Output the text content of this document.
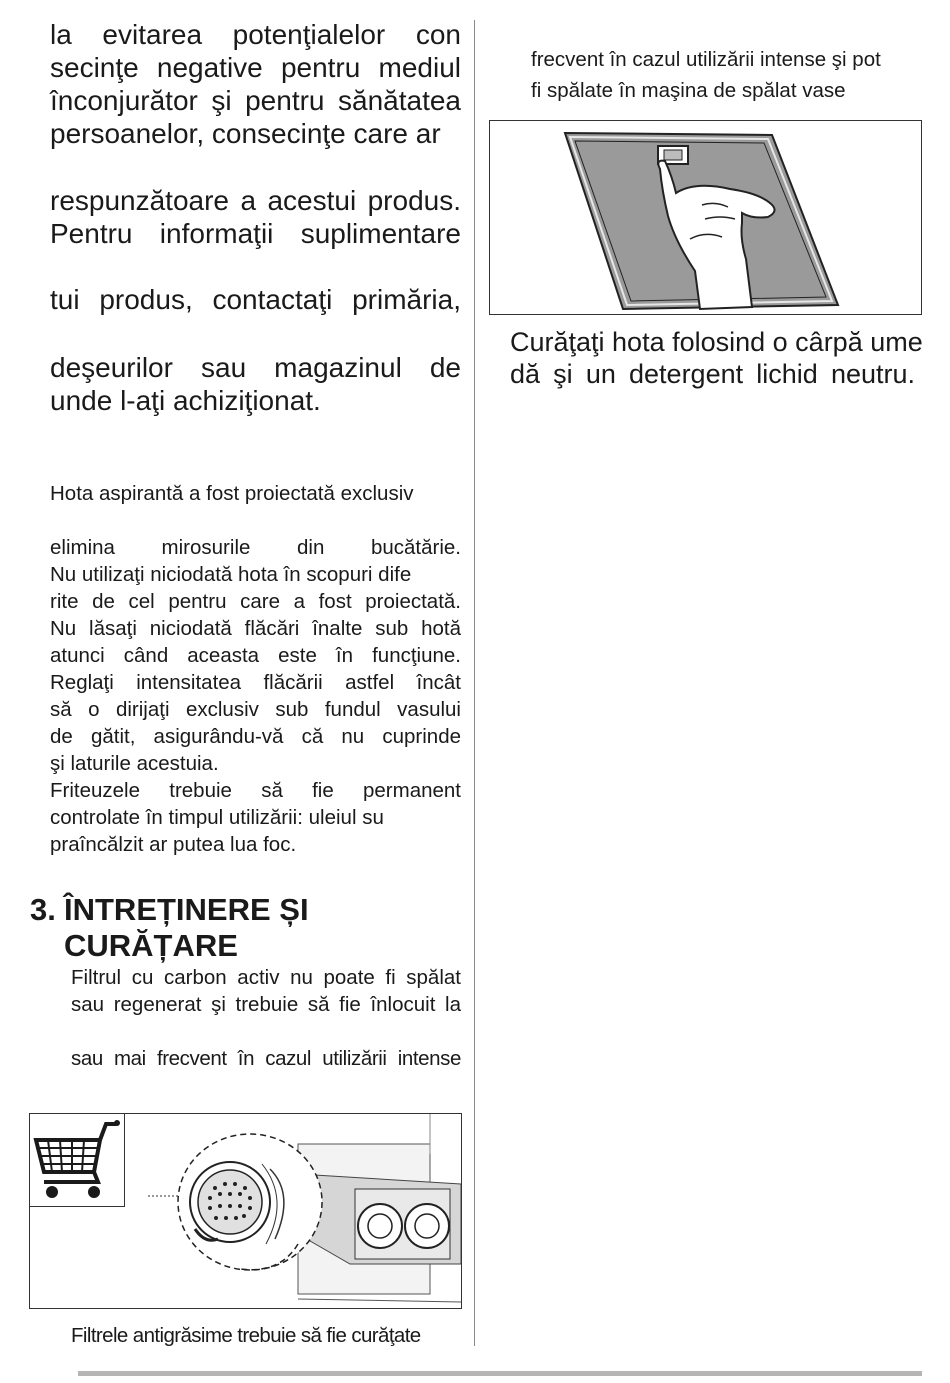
la evitarea potenţialelor con secinţe negative pentru mediul înconjurător şi pentru sănătatea persoanelor, consecinţe care ar

respunzătoare a acestui produs. Pentru informaţii suplimentare

tui produs, contactaţi primăria,

deşeurilor sau magazinul de unde l-aţi achiziţionat.

Hota aspirantă a fost proiectată exclusiv

elimina mirosurile din bucătărie.
Nu utilizaţi niciodată hota în scopuri dife
rite de cel pentru care a fost proiectată.
Nu lăsaţi niciodată flăcări înalte sub hotă
atunci când aceasta este în funcţiune.
Reglaţi intensitatea flăcării astfel încât
să o dirijaţi exclusiv sub fundul vasului
de gătit, asigurându-vă că nu cuprinde
şi laturile acestuia.
Friteuzele trebuie să fie permanent
controlate în timpul utilizării: uleiul su
praîncălzit ar putea lua foc.
3. ÎNTREȚINERE ȘI
CURĂȚARE
Filtrul cu carbon activ nu poate fi spălat
sau regenerat şi trebuie să fie înlocuit la
sau mai frecvent în cazul utilizării intense

Filtrele antigrăsime trebuie să fie curăţate

frecvent în cazul utilizării intense şi pot
fi spălate în maşina de spălat vase
Curăţaţi hota folosind o cârpă ume
dă şi un detergent lichid neutru.
